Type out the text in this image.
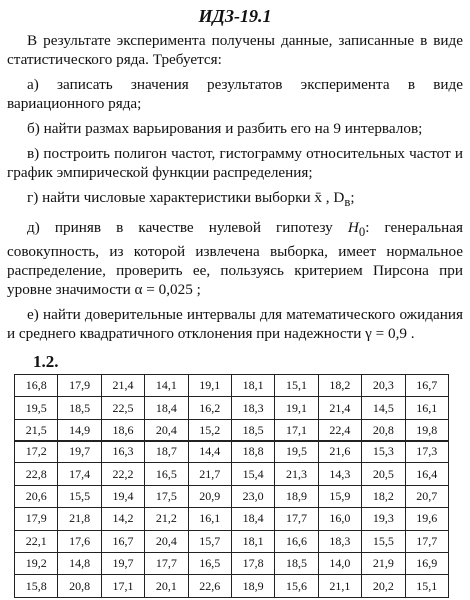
ИДЗ-19.1

В результате эксперимента получены данные, записанные в виде статистического ряда. Требуется:

а) записать значения результатов эксперимента в виде вариационного ряда;

б) найти размах варьирования и разбить его на 9 интервалов;

в) построить полигон частот, гистограмму относительных частот и график эмпирической функции распределения;

г) найти числовые характеристики выборки x̄ , $D_в$;

д) приняв в качестве нулевой гипотезу $H_0$: генеральная совокупность, из которой извлечена выборка, имеет нормальное распределение, проверить ее, пользуясь критерием Пирсона при уровне значимости α = 0,025 ;

е) найти доверительные интервалы для математического ожидания и среднего квадратичного отклонения при надежности γ = 0,9 .

1.2.
16,8	17,9	21,4	14,1	19,1	18,1	15,1	18,2	20,3	16,7
19,5	18,5	22,5	18,4	16,2	18,3	19,1	21,4	14,5	16,1
21,5	14,9	18,6	20,4	15,2	18,5	17,1	22,4	20,8	19,8
17,2	19,7	16,3	18,7	14,4	18,8	19,5	21,6	15,3	17,3
22,8	17,4	22,2	16,5	21,7	15,4	21,3	14,3	20,5	16,4
20,6	15,5	19,4	17,5	20,9	23,0	18,9	15,9	18,2	20,7
17,9	21,8	14,2	21,2	16,1	18,4	17,7	16,0	19,3	19,6
22,1	17,6	16,7	20,4	15,7	18,1	16,6	18,3	15,5	17,7
19,2	14,8	19,7	17,7	16,5	17,8	18,5	14,0	21,9	16,9
15,8	20,8	17,1	20,1	22,6	18,9	15,6	21,1	20,2	15,1
